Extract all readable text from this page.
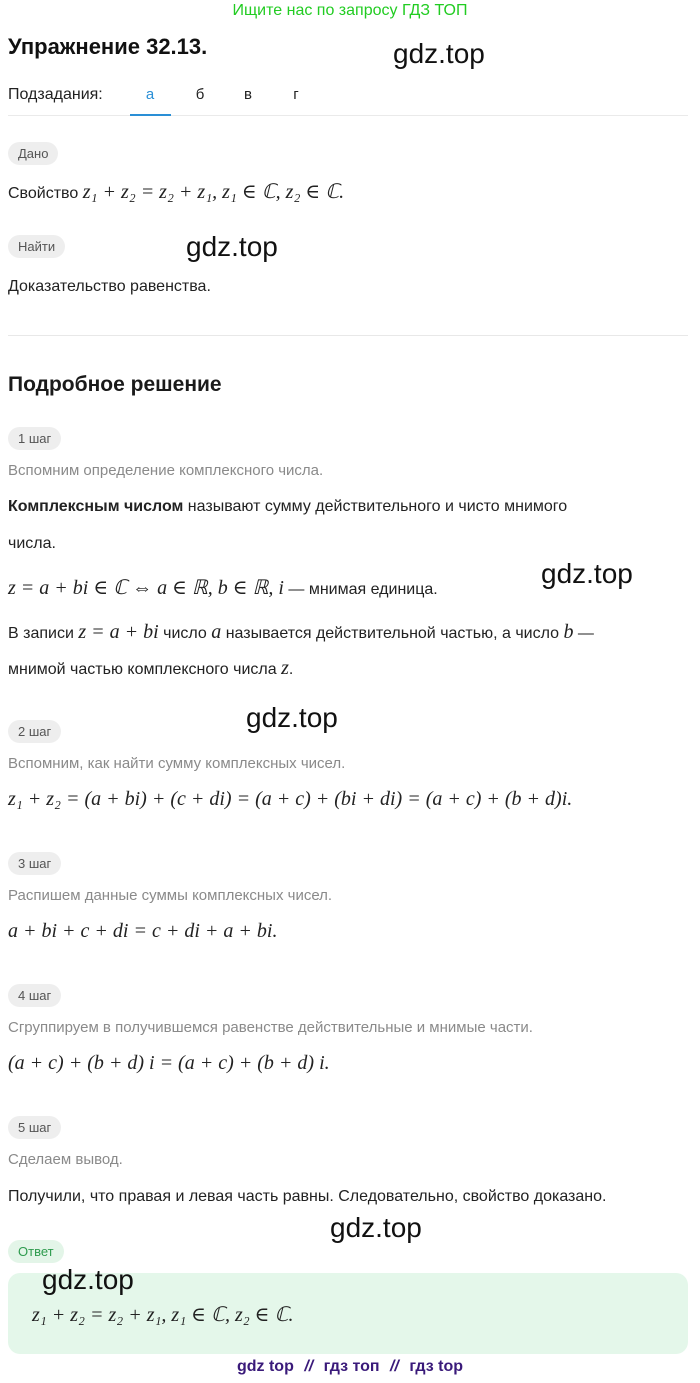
Ищите нас по запросу ГДЗ ТОП
Упражнение 32.13.	gdz.top
Подзадания:	а	б	в	г
Дано
Свойство z₁ + z₂ = z₂ + z₁, z₁ ∈ ℂ, z₂ ∈ ℂ.
Найти	gdz.top
Доказательство равенства.
Подробное решение
1 шаг
Вспомним определение комплексного числа.
Комплексным числом называют сумму действительного и чисто мнимого
числа.
z = a + bi ∈ ℂ ⇔ a ∈ ℝ, b ∈ ℝ, i — мнимая единица.
gdz.top
В записи z = a + bi число a называется действительной частью, а число b —
мнимой частью комплексного числа z.
gdz.top
2 шаг
Вспомним, как найти сумму комплексных чисел.
z₁ + z₂ = (a + bi) + (c + di) = (a + c) + (bi + di) = (a + c) + (b + d)i.
3 шаг
Распишем данные суммы комплексных чисел.
a + bi + c + di = c + di + a + bi.
4 шаг
Сгруппируем в получившемся равенстве действительные и мнимые части.
(a + c) + (b + d) i = (a + c) + (b + d) i.
5 шаг
Сделаем вывод.
Получили, что правая и левая часть равны. Следовательно, свойство доказано.
gdz.top
Ответ
gdz.top
z₁ + z₂ = z₂ + z₁, z₁ ∈ ℂ, z₂ ∈ ℂ.
gdz top // гдз топ // гдз top
